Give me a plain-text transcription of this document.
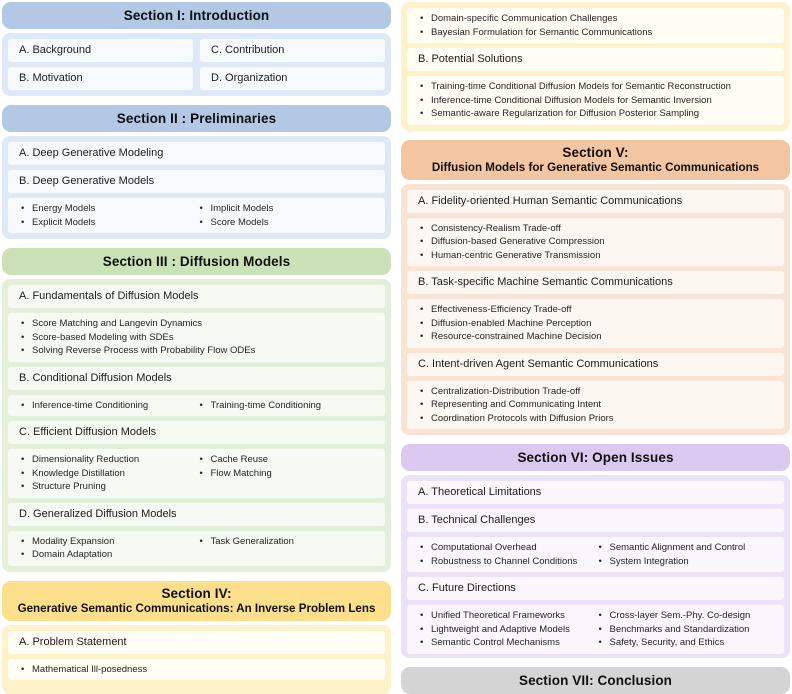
Section I: Introduction
A. Background	C. Contribution
B. Motivation	D. Organization
Section II : Preliminaries
A. Deep Generative Modeling
B. Deep Generative Models
• Energy Models
• Explicit Models
• Implicit Models
• Score Models
Section III : Diffusion Models
A. Fundamentals of Diffusion Models
• Score Matching and Langevin Dynamics
• Score-based Modeling with SDEs
• Solving Reverse Process with Probability Flow ODEs
B. Conditional Diffusion Models
• Inference-time Conditioning	• Training-time Conditioning
C. Efficient Diffusion Models
• Dimensionality Reduction
• Knowledge Distillation
• Structure Pruning
• Cache Reuse
• Flow Matching
D. Generalized Diffusion Models
• Modality Expansion
• Domain Adaptation
• Task Generalization
Section IV:
Generative Semantic Communications: An Inverse Problem Lens
A. Problem Statement
• Mathematical Ill-posedness
• Domain-specific Communication Challenges
• Bayesian Formulation for Semantic Communications
B. Potential Solutions
• Training-time Conditional Diffusion Models for Semantic Reconstruction
• Inference-time Conditional Diffusion Models for Semantic Inversion
• Semantic-aware Regularization for Diffusion Posterior Sampling
Section V:
Diffusion Models for Generative Semantic Communications
A. Fidelity-oriented Human Semantic Communications
• Consistency-Realism Trade-off
• Diffusion-based Generative Compression
• Human-centric Generative Transmission
B. Task-specific Machine Semantic Communications
• Effectiveness-Efficiency Trade-off
• Diffusion-enabled Machine Perception
• Resource-constrained Machine Decision
C. Intent-driven Agent Semantic Communications
• Centralization-Distribution Trade-off
• Representing and Communicating Intent
• Coordination Protocols with Diffusion Priors
Section VI: Open Issues
A. Theoretical Limitations
B. Technical Challenges
• Computational Overhead
• Robustness to Channel Conditions
• Semantic Alignment and Control
• System Integration
C. Future Directions
• Unified Theoretical Frameworks
• Lightweight and Adaptive Models
• Semantic Control Mechanisms
• Cross-layer Sem.-Phy. Co-design
• Benchmarks and Standardization
• Safety, Security, and Ethics
Section VII: Conclusion
